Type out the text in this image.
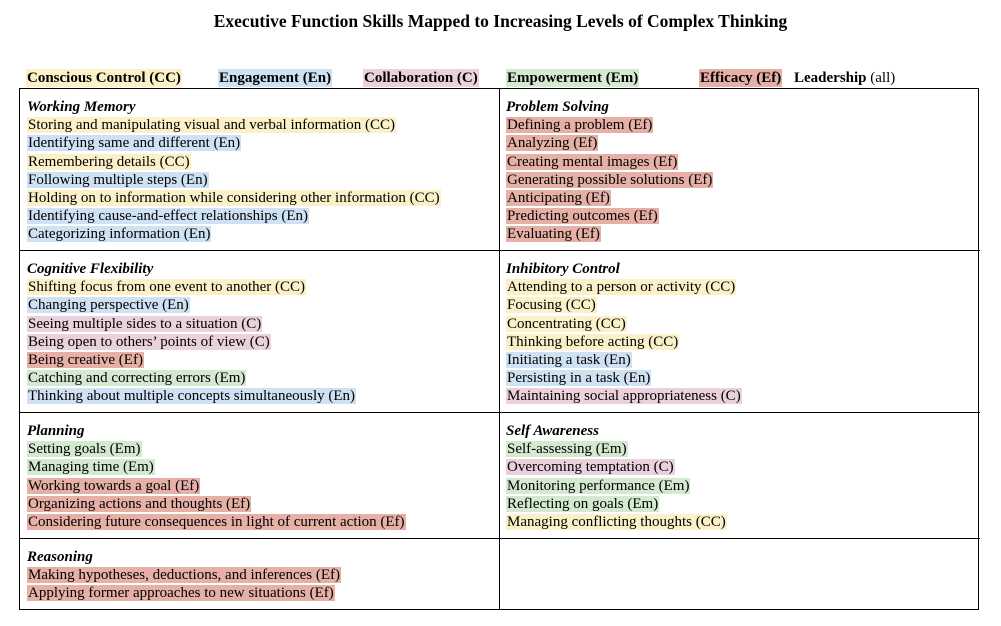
Executive Function Skills Mapped to Increasing Levels of Complex Thinking
Conscious Control (CC)	Engagement (En) Collaboration (C) Empowerment (Em)	Efficacy (Ef) Leadership (all)
Working Memory
Storing and manipulating visual and verbal information (CC)
Identifying same and different (En)
Remembering details (CC)
Following multiple steps (En)
Holding on to information while considering other information (CC)
Identifying cause-and-effect relationships (En)
Categorizing information (En)
Problem Solving
Defining a problem (Ef)
Analyzing (Ef)
Creating mental images (Ef)
Generating possible solutions (Ef)
Anticipating (Ef)
Predicting outcomes (Ef)
Evaluating (Ef)
Cognitive Flexibility
Shifting focus from one event to another (CC)
Changing perspective (En)
Seeing multiple sides to a situation (C)
Being open to others’ points of view (C)
Being creative (Ef)
Catching and correcting errors (Em)
Thinking about multiple concepts simultaneously (En)
Inhibitory Control
Attending to a person or activity (CC)
Focusing (CC)
Concentrating (CC)
Thinking before acting (CC)
Initiating a task (En)
Persisting in a task (En)
Maintaining social appropriateness (C)
Planning
Setting goals (Em)
Managing time (Em)
Working towards a goal (Ef)
Organizing actions and thoughts (Ef)
Considering future consequences in light of current action (Ef)
Self Awareness
Self-assessing (Em)
Overcoming temptation (C)
Monitoring performance (Em)
Reflecting on goals (Em)
Managing conflicting thoughts (CC)
Reasoning
Making hypotheses, deductions, and inferences (Ef)
Applying former approaches to new situations (Ef)
